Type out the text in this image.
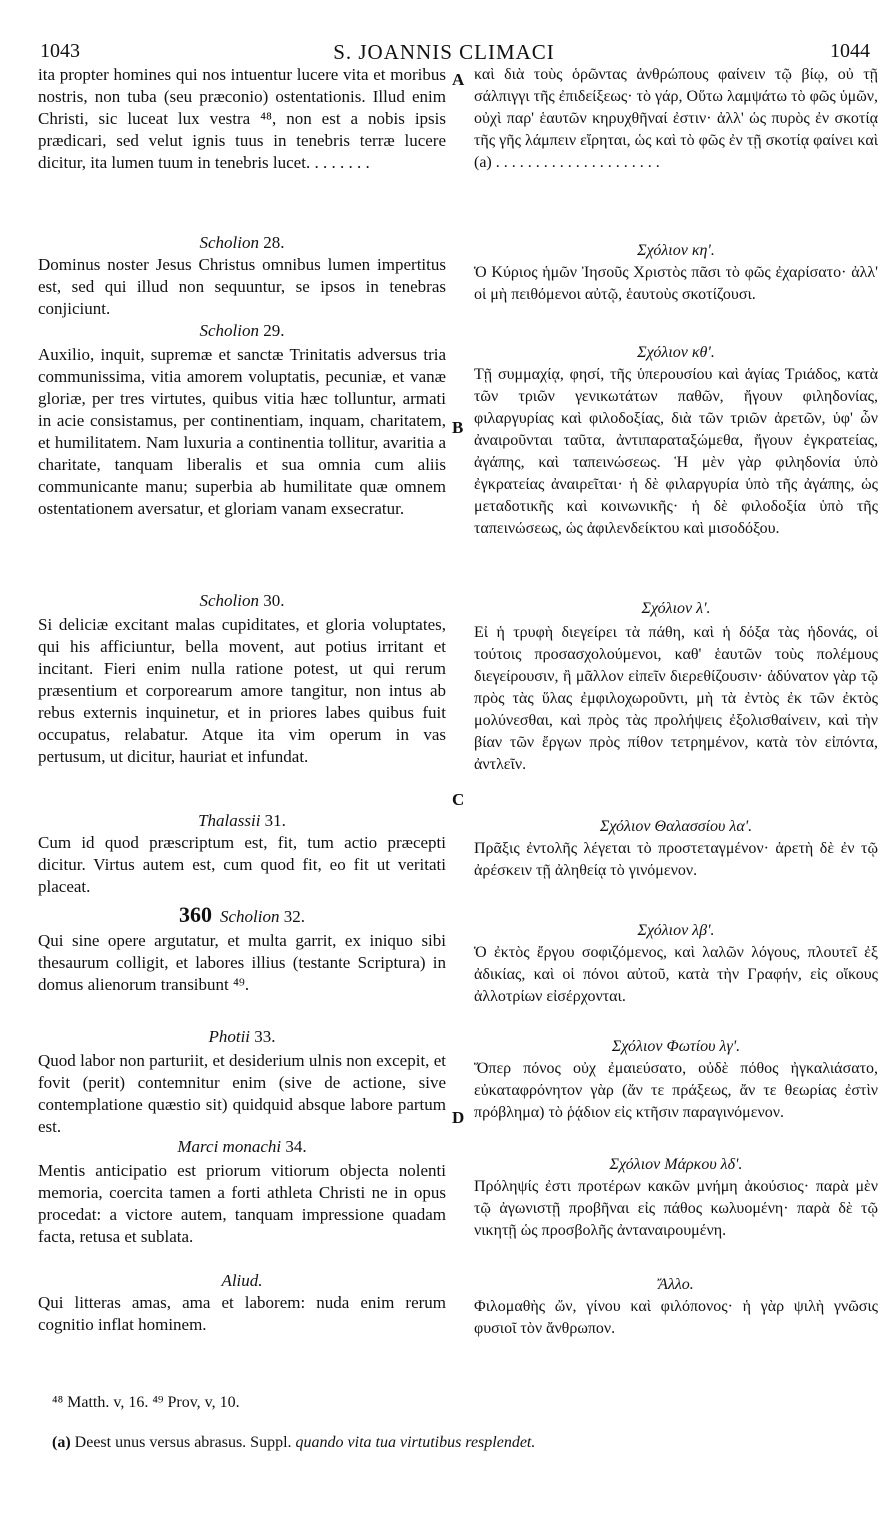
1043	S. JOANNIS CLIMACI	1044
A
B
C
D

ita propter homines qui nos intuentur lucere vita et moribus nostris, non tuba (seu præconio) ostentationis. Illud enim Christi, sic luceat lux vestra ⁴⁸, non est a nobis ipsis prædicari, sed velut ignis tuus in tenebris terræ lucere dicitur, ita lumen tuum in tenebris lucet. . . . . . . .

Scholion 28.

Dominus noster Jesus Christus omnibus lumen impertitus est, sed qui illud non sequuntur, se ipsos in tenebras conjiciunt.

Scholion 29.

Auxilio, inquit, supremæ et sanctæ Trinitatis adversus tria communissima, vitia amorem voluptatis, pecuniæ, et vanæ gloriæ, per tres virtutes, quibus vitia hæc tolluntur, armati in acie consistamus, per continentiam, inquam, charitatem, et humilitatem. Nam luxuria a continentia tollitur, avaritia a charitate, tanquam liberalis et sua omnia cum aliis communicante manu; superbia ab humilitate quæ omnem ostentationem aversatur, et gloriam vanam exsecratur.

Scholion 30.

Si deliciæ excitant malas cupiditates, et gloria voluptates, qui his afficiuntur, bella movent, aut potius irritant et incitant. Fieri enim nulla ratione potest, ut qui rerum præsentium et corporearum amore tangitur, non intus ab rebus externis inquinetur, et in priores labes quibus fuit occupatus, relabatur. Atque ita vim operum in vas pertusum, ut dicitur, hauriat et infundat.

Thalassii 31.

Cum id quod præscriptum est, fit, tum actio præcepti dicitur. Virtus autem est, cum quod fit, eo fit ut veritati placeat.

360 Scholion 32.

Qui sine opere argutatur, et multa garrit, ex iniquo sibi thesaurum colligit, et labores illius (testante Scriptura) in domus alienorum transibunt ⁴⁹.

Photii 33.

Quod labor non parturiit, et desiderium ulnis non excepit, et fovit (perit) contemnitur enim (sive de actione, sive contemplatione quæstio sit) quidquid absque labore partum est.

Marci monachi 34.

Mentis anticipatio est priorum vitiorum objecta nolenti memoria, coercita tamen a forti athleta Christi ne in opus procedat: a victore autem, tanquam impressione quadam facta, retusa et sublata.

Aliud.

Qui litteras amas, ama et laborem: nuda enim rerum cognitio inflat hominem.

καὶ διὰ τοὺς ὁρῶντας ἀνθρώπους φαίνειν τῷ βίῳ, οὐ τῇ σάλπιγγι τῆς ἐπιδείξεως· τὸ γάρ, Οὕτω λαμψάτω τὸ φῶς ὑμῶν, οὐχὶ παρ' ἑαυτῶν κηρυχθῆναί ἐστιν· ἀλλ' ὡς πυρὸς ἐν σκοτίᾳ τῆς γῆς λάμπειν εἴρηται, ὡς καὶ τὸ φῶς ἐν τῇ σκοτίᾳ φαίνει καὶ (a) . . . . . . . . . . . . . . . . . . . . .

Σχόλιον κη'.

Ὁ Κύριος ἡμῶν Ἰησοῦς Χριστὸς πᾶσι τὸ φῶς ἐχαρίσατο· ἀλλ' οἱ μὴ πειθόμενοι αὐτῷ, ἑαυτοὺς σκοτίζουσι.

Σχόλιον κθ'.

Τῇ συμμαχίᾳ, φησί, τῆς ὑπερουσίου καὶ ἁγίας Τριάδος, κατὰ τῶν τριῶν γενικωτάτων παθῶν, ἤγουν φιληδονίας, φιλαργυρίας καὶ φιλοδοξίας, διὰ τῶν τριῶν ἀρετῶν, ὑφ' ὧν ἀναιροῦνται ταῦτα, ἀντιπαραταξώμεθα, ἤγουν ἐγκρατείας, ἀγάπης, καὶ ταπεινώσεως. Ἡ μὲν γὰρ φιληδονία ὑπὸ ἐγκρατείας ἀναιρεῖται· ἡ δὲ φιλαργυρία ὑπὸ τῆς ἀγάπης, ὡς μεταδοτικῆς καὶ κοινωνικῆς· ἡ δὲ φιλοδοξία ὑπὸ τῆς ταπεινώσεως, ὡς ἀφιλενδείκτου καὶ μισοδόξου.

Σχόλιον λ'.

Εἰ ἡ τρυφὴ διεγείρει τὰ πάθη, καὶ ἡ δόξα τὰς ἡδονάς, οἱ τούτοις προσασχολούμενοι, καθ' ἑαυτῶν τοὺς πολέμους διεγείρουσιν, ἢ μᾶλλον εἰπεῖν διερεθίζουσιν· ἀδύνατον γὰρ τῷ πρὸς τὰς ὕλας ἐμφιλοχωροῦντι, μὴ τὰ ἐντὸς ἐκ τῶν ἐκτὸς μολύνεσθαι, καὶ πρὸς τὰς προλήψεις ἐξολισθαίνειν, καὶ τὴν βίαν τῶν ἔργων πρὸς πίθον τετρημένον, κατὰ τὸν εἰπόντα, ἀντλεῖν.

Σχόλιον Θαλασσίου λα'.

Πρᾶξις ἐντολῆς λέγεται τὸ προστεταγμένον· ἀρετὴ δὲ ἐν τῷ ἀρέσκειν τῇ ἀληθείᾳ τὸ γινόμενον.

Σχόλιον λβ'.

Ὁ ἐκτὸς ἔργου σοφιζόμενος, καὶ λαλῶν λόγους, πλουτεῖ ἐξ ἀδικίας, καὶ οἱ πόνοι αὐτοῦ, κατὰ τὴν Γραφήν, εἰς οἴκους ἀλλοτρίων εἰσέρχονται.

Σχόλιον Φωτίου λγ'.

Ὅπερ πόνος οὐχ ἐμαιεύσατο, οὐδὲ πόθος ἠγκαλιάσατο, εὐκαταφρόνητον γὰρ (ἄν τε πράξεως, ἄν τε θεωρίας ἐστὶν πρόβλημα) τὸ ῥᾴδιον εἰς κτῆσιν παραγινόμενον.

Σχόλιον Μάρκου λδ'.

Πρόληψίς ἐστι προτέρων κακῶν μνήμη ἀκούσιος· παρὰ μὲν τῷ ἀγωνιστῇ προβῆναι εἰς πάθος κωλυομένη· παρὰ δὲ τῷ νικητῇ ὡς προσβολῆς ἀνταναιρουμένη.

Ἄλλο.

Φιλομαθὴς ὤν, γίνου καὶ φιλόπονος· ἡ γὰρ ψιλὴ γνῶσις φυσιοῖ τὸν ἄνθρωπον.

⁴⁸ Matth. v, 16. ⁴⁹ Prov, v, 10.
(a) Deest unus versus abrasus. Suppl. quando vita tua virtutibus resplendet.
